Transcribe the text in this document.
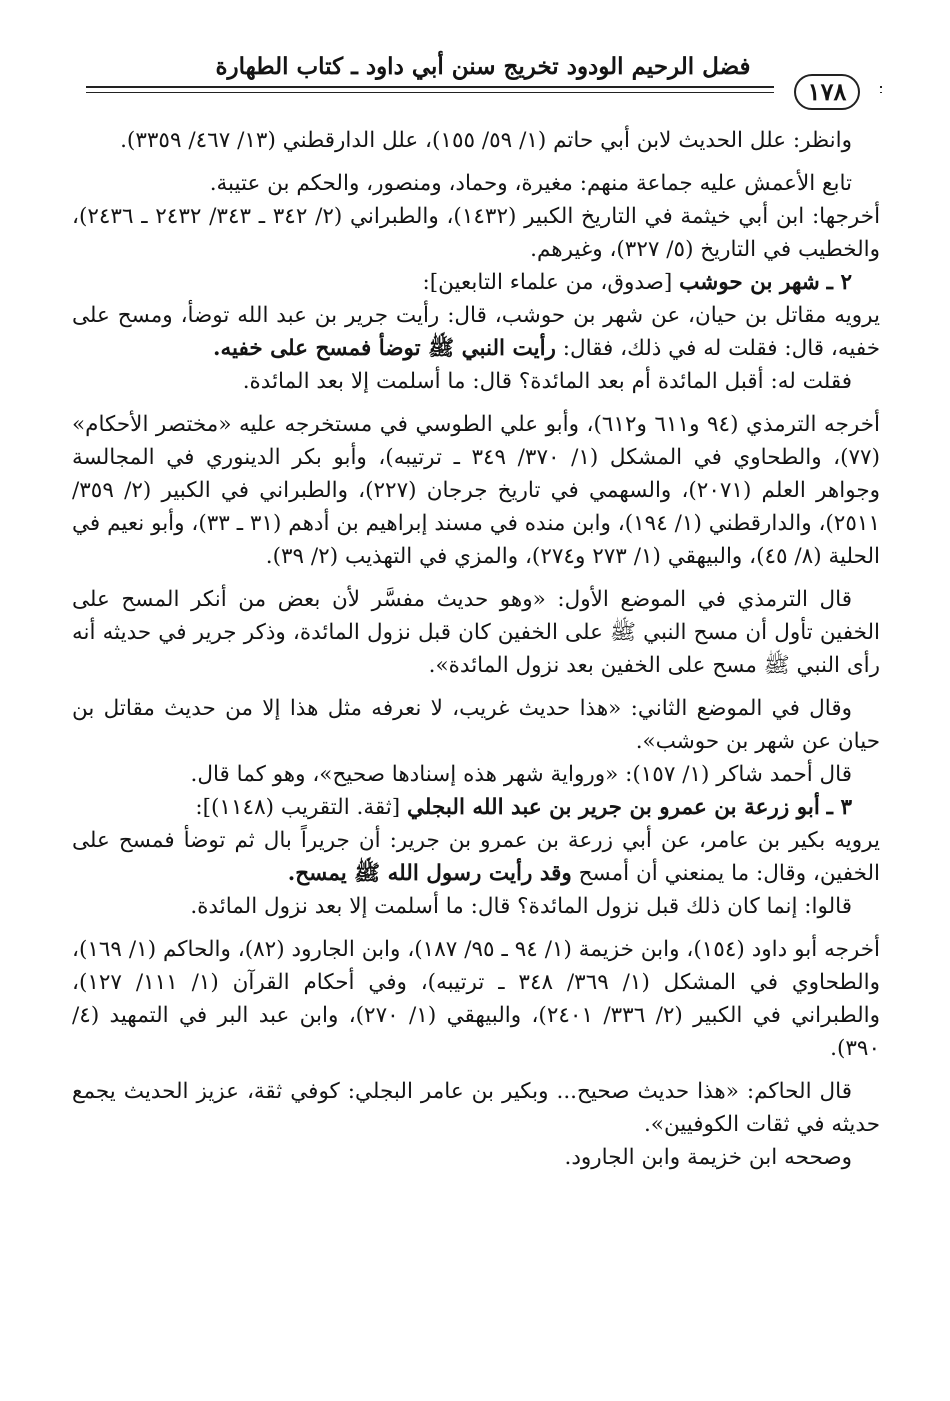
فضل الرحيم الودود تخريج سنن أبي داود ـ كتاب الطهارة
١٧٨

وانظر: علل الحديث لابن أبي حاتم (١/ ٥٩/ ١٥٥)، علل الدارقطني (١٣/ ٤٦٧/ ٣٣٥٩).

تابع الأعمش عليه جماعة منهم: مغيرة، وحماد، ومنصور، والحكم بن عتيبة.

أخرجها: ابن أبي خيثمة في التاريخ الكبير (١٤٣٢)، والطبراني (٢/ ٣٤٢ ـ ٣٤٣/ ٢٤٣٢ ـ ٢٤٣٦)، والخطيب في التاريخ (٥/ ٣٢٧)، وغيرهم.

٢ ـ شهر بن حوشب [صدوق، من علماء التابعين]:

يرويه مقاتل بن حيان، عن شهر بن حوشب، قال: رأيت جرير بن عبد الله توضأ، ومسح على خفيه، قال: فقلت له في ذلك، فقال: رأيت النبي ﷺ توضأ فمسح على خفيه.

فقلت له: أقبل المائدة أم بعد المائدة؟ قال: ما أسلمت إلا بعد المائدة.

أخرجه الترمذي (٩٤ و٦١١ و٦١٢)، وأبو علي الطوسي في مستخرجه عليه «مختصر الأحكام» (٧٧)، والطحاوي في المشكل (١/ ٣٧٠/ ٣٤٩ ـ ترتيبه)، وأبو بكر الدينوري في المجالسة وجواهر العلم (٢٠٧١)، والسهمي في تاريخ جرجان (٢٢٧)، والطبراني في الكبير (٢/ ٣٥٩/ ٢٥١١)، والدارقطني (١/ ١٩٤)، وابن منده في مسند إبراهيم بن أدهم (٣١ ـ ٣٣)، وأبو نعيم في الحلية (٨/ ٤٥)، والبيهقي (١/ ٢٧٣ و٢٧٤)، والمزي في التهذيب (٢/ ٣٩).

قال الترمذي في الموضع الأول: «وهو حديث مفسَّر لأن بعض من أنكر المسح على الخفين تأول أن مسح النبي ﷺ على الخفين كان قبل نزول المائدة، وذكر جرير في حديثه أنه رأى النبي ﷺ مسح على الخفين بعد نزول المائدة».

وقال في الموضع الثاني: «هذا حديث غريب، لا نعرفه مثل هذا إلا من حديث مقاتل بن حيان عن شهر بن حوشب».

قال أحمد شاكر (١/ ١٥٧): «ورواية شهر هذه إسنادها صحيح»، وهو كما قال.

٣ ـ أبو زرعة بن عمرو بن جرير بن عبد الله البجلي [ثقة. التقريب (١١٤٨)]:

يرويه بكير بن عامر، عن أبي زرعة بن عمرو بن جرير: أن جريراً بال ثم توضأ فمسح على الخفين، وقال: ما يمنعني أن أمسح وقد رأيت رسول الله ﷺ يمسح.

قالوا: إنما كان ذلك قبل نزول المائدة؟ قال: ما أسلمت إلا بعد نزول المائدة.

أخرجه أبو داود (١٥٤)، وابن خزيمة (١/ ٩٤ ـ ٩٥/ ١٨٧)، وابن الجارود (٨٢)، والحاكم (١/ ١٦٩)، والطحاوي في المشكل (١/ ٣٦٩/ ٣٤٨ ـ ترتيبه)، وفي أحكام القرآن (١/ ١١١/ ١٢٧)، والطبراني في الكبير (٢/ ٣٣٦/ ٢٤٠١)، والبيهقي (١/ ٢٧٠)، وابن عبد البر في التمهيد (٤/ ٣٩٠).

قال الحاكم: «هذا حديث صحيح... وبكير بن عامر البجلي: كوفي ثقة، عزيز الحديث يجمع حديثه في ثقات الكوفيين».

وصححه ابن خزيمة وابن الجارود.
